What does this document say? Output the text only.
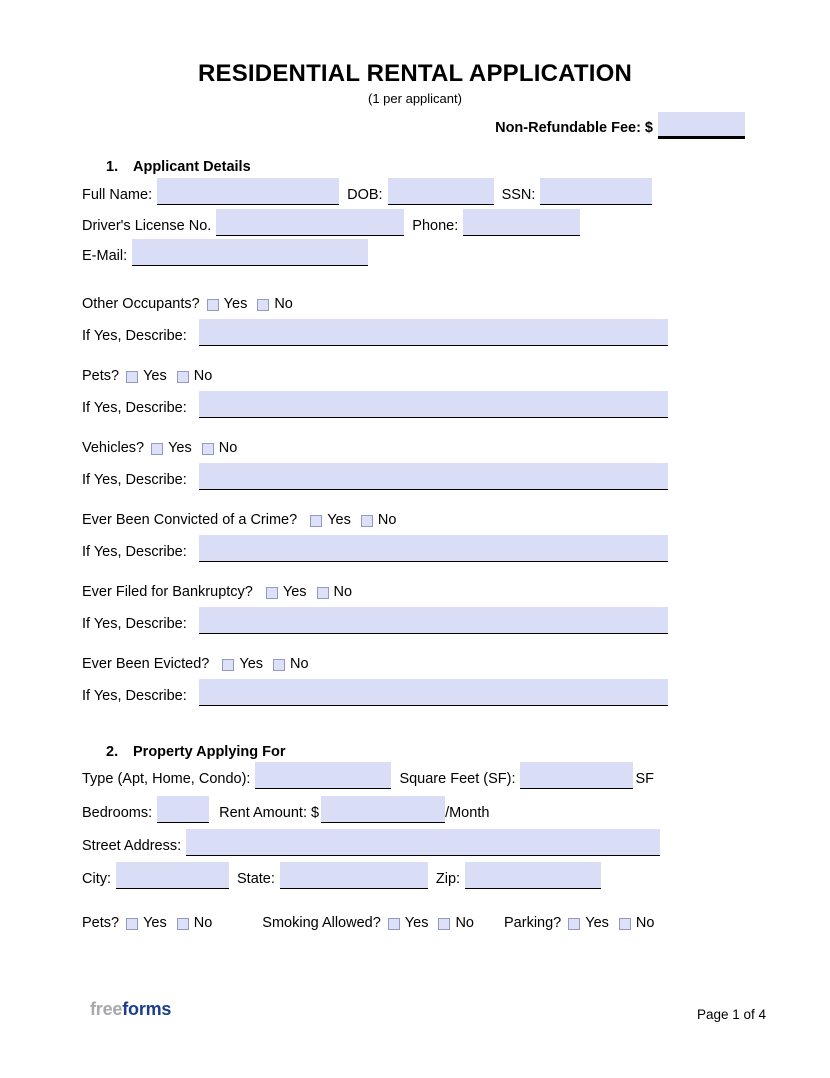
RESIDENTIAL RENTAL APPLICATION
(1 per applicant)
Non-Refundable Fee: $
1.	Applicant Details
Full Name:	DOB:	SSN:
Driver's License No.	Phone:
E-Mail:
Other Occupants? Yes No
If Yes, Describe:
Pets? Yes No
If Yes, Describe:
Vehicles? Yes No
If Yes, Describe:
Ever Been Convicted of a Crime? Yes No
If Yes, Describe:
Ever Filed for Bankruptcy? Yes No
If Yes, Describe:
Ever Been Evicted? Yes No
If Yes, Describe:
2.	Property Applying For
Type (Apt, Home, Condo):	Square Feet (SF):	SF
Bedrooms:	Rent Amount: $	/Month
Street Address:
City:	State:	Zip:
Pets? Yes No	Smoking Allowed? Yes No Parking? Yes No
freeforms	Page 1 of 4
